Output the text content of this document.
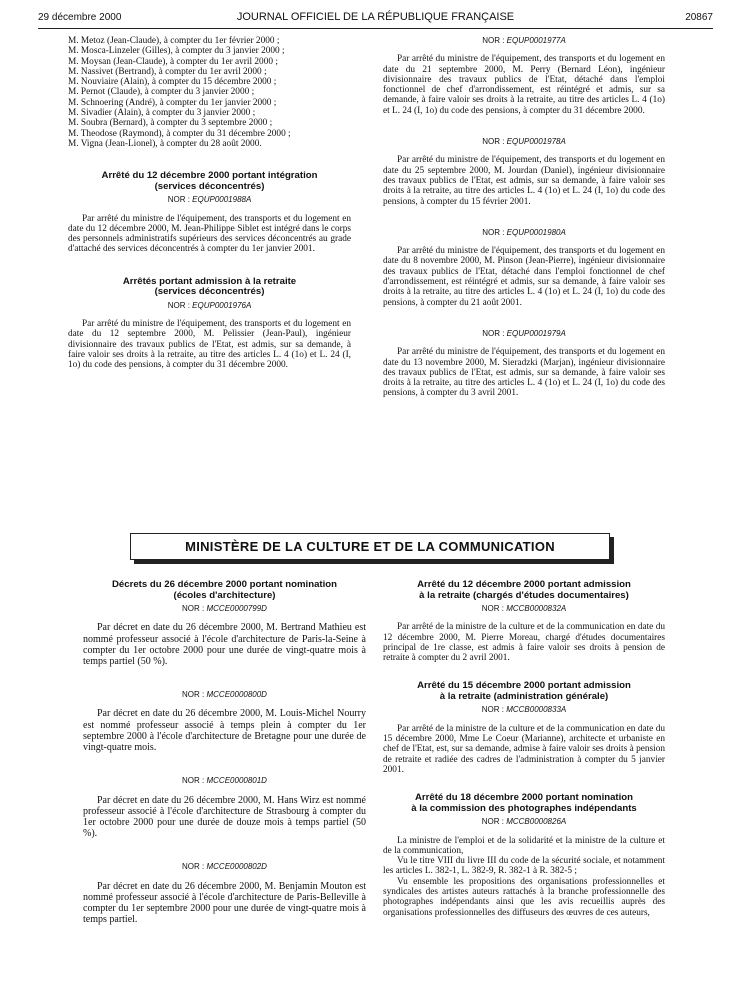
29 décembre 2000	JOURNAL OFFICIEL DE LA RÉPUBLIQUE FRANÇAISE	20867
M. Metoz (Jean-Claude), à compter du 1er février 2000 ;
M. Mosca-Linzeler (Gilles), à compter du 3 janvier 2000 ;
M. Moysan (Jean-Claude), à compter du 1er avril 2000 ;
M. Nassivet (Bertrand), à compter du 1er avril 2000 ;
M. Nouviaire (Alain), à compter du 15 décembre 2000 ;
M. Pernot (Claude), à compter du 3 janvier 2000 ;
M. Schnoering (André), à compter du 1er janvier 2000 ;
M. Sivadier (Alain), à compter du 3 janvier 2000 ;
M. Soubra (Bernard), à compter du 3 septembre 2000 ;
M. Theodose (Raymond), à compter du 31 décembre 2000 ;
M. Vigna (Jean-Lionel), à compter du 28 août 2000.
Arrêté du 12 décembre 2000 portant intégration
(services déconcentrés)
NOR : EQUP0001988A

Par arrêté du ministre de l'équipement, des transports et du logement en date du 12 décembre 2000, M. Jean-Philippe Siblet est intégré dans le corps des personnels administratifs supérieurs des services déconcentrés au grade d'attaché des services déconcentrés à compter du 1er janvier 2001.

Arrêtés portant admission à la retraite
(services déconcentrés)
NOR : EQUP0001976A

Par arrêté du ministre de l'équipement, des transports et du logement en date du 12 septembre 2000, M. Pelissier (Jean-Paul), ingénieur divisionnaire des travaux publics de l'Etat, est admis, sur sa demande, à faire valoir ses droits à la retraite, au titre des articles L. 4 (1o) et L. 24 (I, 1o) du code des pensions, à compter du 31 décembre 2000.

NOR : EQUP0001977A

Par arrêté du ministre de l'équipement, des transports et du logement en date du 21 septembre 2000, M. Perry (Bernard Léon), ingénieur divisionnaire des travaux publics de l'Etat, détaché dans l'emploi fonctionnel de chef d'arrondissement, est réintégré et admis, sur sa demande, à faire valoir ses droits à la retraite, au titre des articles L. 4 (1o) et L. 24 (I, 1o) du code des pensions, à compter du 31 décembre 2000.

NOR : EQUP0001978A

Par arrêté du ministre de l'équipement, des transports et du logement en date du 25 septembre 2000, M. Jourdan (Daniel), ingénieur divisionnaire des travaux publics de l'Etat, est admis, sur sa demande, à faire valoir ses droits à la retraite, au titre des articles L. 4 (1o) et L. 24 (I, 1o) du code des pensions, à compter du 15 février 2001.

NOR : EQUP0001980A

Par arrêté du ministre de l'équipement, des transports et du logement en date du 8 novembre 2000, M. Pinson (Jean-Pierre), ingénieur divisionnaire des travaux publics de l'Etat, détaché dans l'emploi fonctionnel de chef d'arrondissement, est réintégré et admis, sur sa demande, à faire valoir ses droits à la retraite, au titre des articles L. 4 (1o) et L. 24 (I, 1o) du code des pensions, à compter du 21 août 2001.

NOR : EQUP0001979A

Par arrêté du ministre de l'équipement, des transports et du logement en date du 13 novembre 2000, M. Sieradzki (Marjan), ingénieur divisionnaire des travaux publics de l'Etat, est admis, sur sa demande, à faire valoir ses droits à la retraite, au titre des articles L. 4 (1o) et L. 24 (I, 1o) du code des pensions, à compter du 3 avril 2001.

MINISTÈRE DE LA CULTURE ET DE LA COMMUNICATION
Décrets du 26 décembre 2000 portant nomination
(écoles d'architecture)
NOR : MCCE0000799D

Par décret en date du 26 décembre 2000, M. Bertrand Mathieu est nommé professeur associé à l'école d'architecture de Paris-la-Seine à compter du 1er octobre 2000 pour une durée de vingt-quatre mois à temps partiel (50 %).

NOR : MCCE0000800D

Par décret en date du 26 décembre 2000, M. Louis-Michel Nourry est nommé professeur associé à temps plein à compter du 1er septembre 2000 à l'école d'architecture de Bretagne pour une durée de vingt-quatre mois.

NOR : MCCE0000801D

Par décret en date du 26 décembre 2000, M. Hans Wirz est nommé professeur associé à l'école d'architecture de Strasbourg à compter du 1er octobre 2000 pour une durée de douze mois à temps partiel (50 %).

NOR : MCCE0000802D

Par décret en date du 26 décembre 2000, M. Benjamin Mouton est nommé professeur associé à l'école d'architecture de Paris-Belleville à compter du 1er septembre 2000 pour une durée de vingt-quatre mois à temps partiel.

Arrêté du 12 décembre 2000 portant admission
à la retraite (chargés d'études documentaires)
NOR : MCCB0000832A

Par arrêté de la ministre de la culture et de la communication en date du 12 décembre 2000, M. Pierre Moreau, chargé d'études documentaires principal de 1re classe, est admis à faire valoir ses droits à pension de retraite à compter du 2 avril 2001.

Arrêté du 15 décembre 2000 portant admission
à la retraite (administration générale)
NOR : MCCB0000833A

Par arrêté de la ministre de la culture et de la communication en date du 15 décembre 2000, Mme Le Coeur (Marianne), architecte et urbaniste en chef de l'Etat, est, sur sa demande, admise à faire valoir ses droits à pension de retraite et radiée des cadres de l'administration à compter du 5 janvier 2001.

Arrêté du 18 décembre 2000 portant nomination
à la commission des photographes indépendants
NOR : MCCB0000826A

La ministre de l'emploi et de la solidarité et la ministre de la culture et de la communication,

Vu le titre VIII du livre III du code de la sécurité sociale, et notamment les articles L. 382-1, L. 382-9, R. 382-1 à R. 382-5 ;

Vu ensemble les propositions des organisations professionnelles et syndicales des artistes auteurs rattachés à la branche professionnelle des photographes indépendants ainsi que les avis recueillis auprès des organisations professionnelles des diffuseurs des œuvres de ces auteurs,
